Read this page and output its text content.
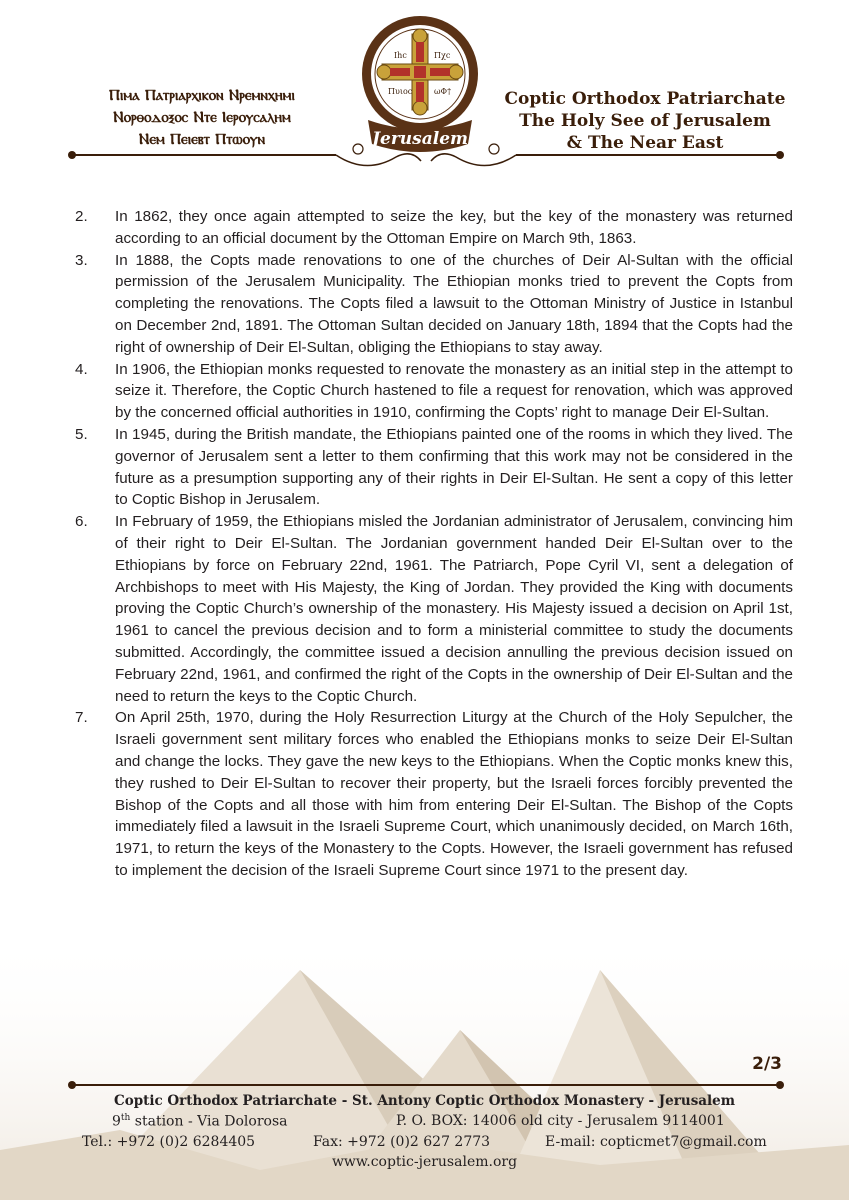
Ⲡⲓⲙⲁ Ⲡⲁⲧⲣⲓⲁⲣⲭⲓⲕⲟⲛ Ⲛⲣⲉⲙⲛⲭⲏⲙⲓ
Ⲛⲟⲣⲑⲟⲇⲟⲝⲟⲥ Ⲛⲧⲉ Ⲓⲉⲣⲟⲩⲥⲁⲗⲏⲙ
Ⲛⲉⲙ Ⲡⲉⲓⲉⲃⲧ Ⲡⲧⲱⲟⲩⲛ
Ihc	Πχc
Πυιοc	ωΦ†
Jerusalem
Coptic Orthodox Patriarchate
The Holy See of Jerusalem
& The Near East
2. In 1862, they once again attempted to seize the key, but the key of the monastery was returned according to an official document by the Ottoman Empire on March 9th, 1863.
3. In 1888, the Copts made renovations to one of the churches of Deir Al-Sultan with the official permission of the Jerusalem Municipality. The Ethiopian monks tried to prevent the Copts from completing the renovations. The Copts filed a lawsuit to the Ottoman Ministry of Justice in Istanbul on December 2nd, 1891. The Ottoman Sultan decided on January 18th, 1894 that the Copts had the right of ownership of Deir El-Sultan, obliging the Ethiopians to stay away.
4. In 1906, the Ethiopian monks requested to renovate the monastery as an initial step in the attempt to seize it. Therefore, the Coptic Church hastened to file a request for renovation, which was approved by the concerned official authorities in 1910, confirming the Copts’ right to manage Deir El-Sultan.
5. In 1945, during the British mandate, the Ethiopians painted one of the rooms in which they lived. The governor of Jerusalem sent a letter to them confirming that this work may not be considered in the future as a presumption supporting any of their rights in Deir El-Sultan. He sent a copy of this letter to Coptic Bishop in Jerusalem.
6. In February of 1959, the Ethiopians misled the Jordanian administrator of Jerusalem, convincing him of their right to Deir El-Sultan. The Jordanian government handed Deir El-Sultan over to the Ethiopians by force on February 22nd, 1961. The Patriarch, Pope Cyril VI, sent a delegation of Archbishops to meet with His Majesty, the King of Jordan. They provided the King with documents proving the Coptic Church’s ownership of the monastery. His Majesty issued a decision on April 1st, 1961 to cancel the previous decision and to form a ministerial committee to study the documents submitted. Accordingly, the committee issued a decision annulling the previous decision issued on February 22nd, 1961, and confirmed the right of the Copts in the ownership of Deir El-Sultan and the need to return the keys to the Coptic Church.
7. On April 25th, 1970, during the Holy Resurrection Liturgy at the Church of the Holy Sepulcher, the Israeli government sent military forces who enabled the Ethiopians monks to seize Deir El-Sultan and change the locks. They gave the new keys to the Ethiopians. When the Coptic monks knew this, they rushed to Deir El-Sultan to recover their property, but the Israeli forces forcibly prevented the Bishop of the Copts and all those with him from entering Deir El-Sultan. The Bishop of the Copts immediately filed a lawsuit in the Israeli Supreme Court, which unanimously decided, on March 16th, 1971, to return the keys of the Monastery to the Copts. However, the Israeli government has refused to implement the decision of the Israeli Supreme Court since 1971 to the present day.
2/3
Coptic Orthodox Patriarchate - St. Antony Coptic Orthodox Monastery - Jerusalem
9th station - Via Dolorosa	P. O. BOX: 14006 old city - Jerusalem 9114001
Tel.: +972 (0)2 6284405	Fax: +972 (0)2 627 2773	E-mail: copticmet7@gmail.com
www.coptic-jerusalem.org
